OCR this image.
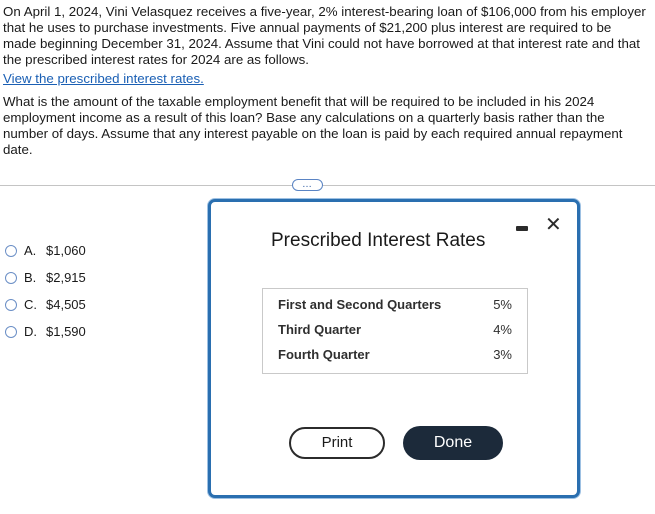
On April 1, 2024, Vini Velasquez receives a five-year, 2% interest-bearing loan of $106,000 from his employer that he uses to purchase investments. Five annual payments of $21,200 plus interest are required to be made beginning December 31, 2024. Assume that Vini could not have borrowed at that interest rate and that the prescribed interest rates for 2024 are as follows.

View the prescribed interest rates.

What is the amount of the taxable employment benefit that will be required to be included in his 2024 employment income as a result of this loan? Base any calculations on a quarterly basis rather than the number of days. Assume that any interest payable on the loan is paid by each required annual repayment date.

…
A. $1,060
B. $2,915
C. $4,505
D. $1,590
Prescribed Interest Rates
✕
First and Second Quarters	5%
Third Quarter	4%
Fourth Quarter	3%
Print	Done
